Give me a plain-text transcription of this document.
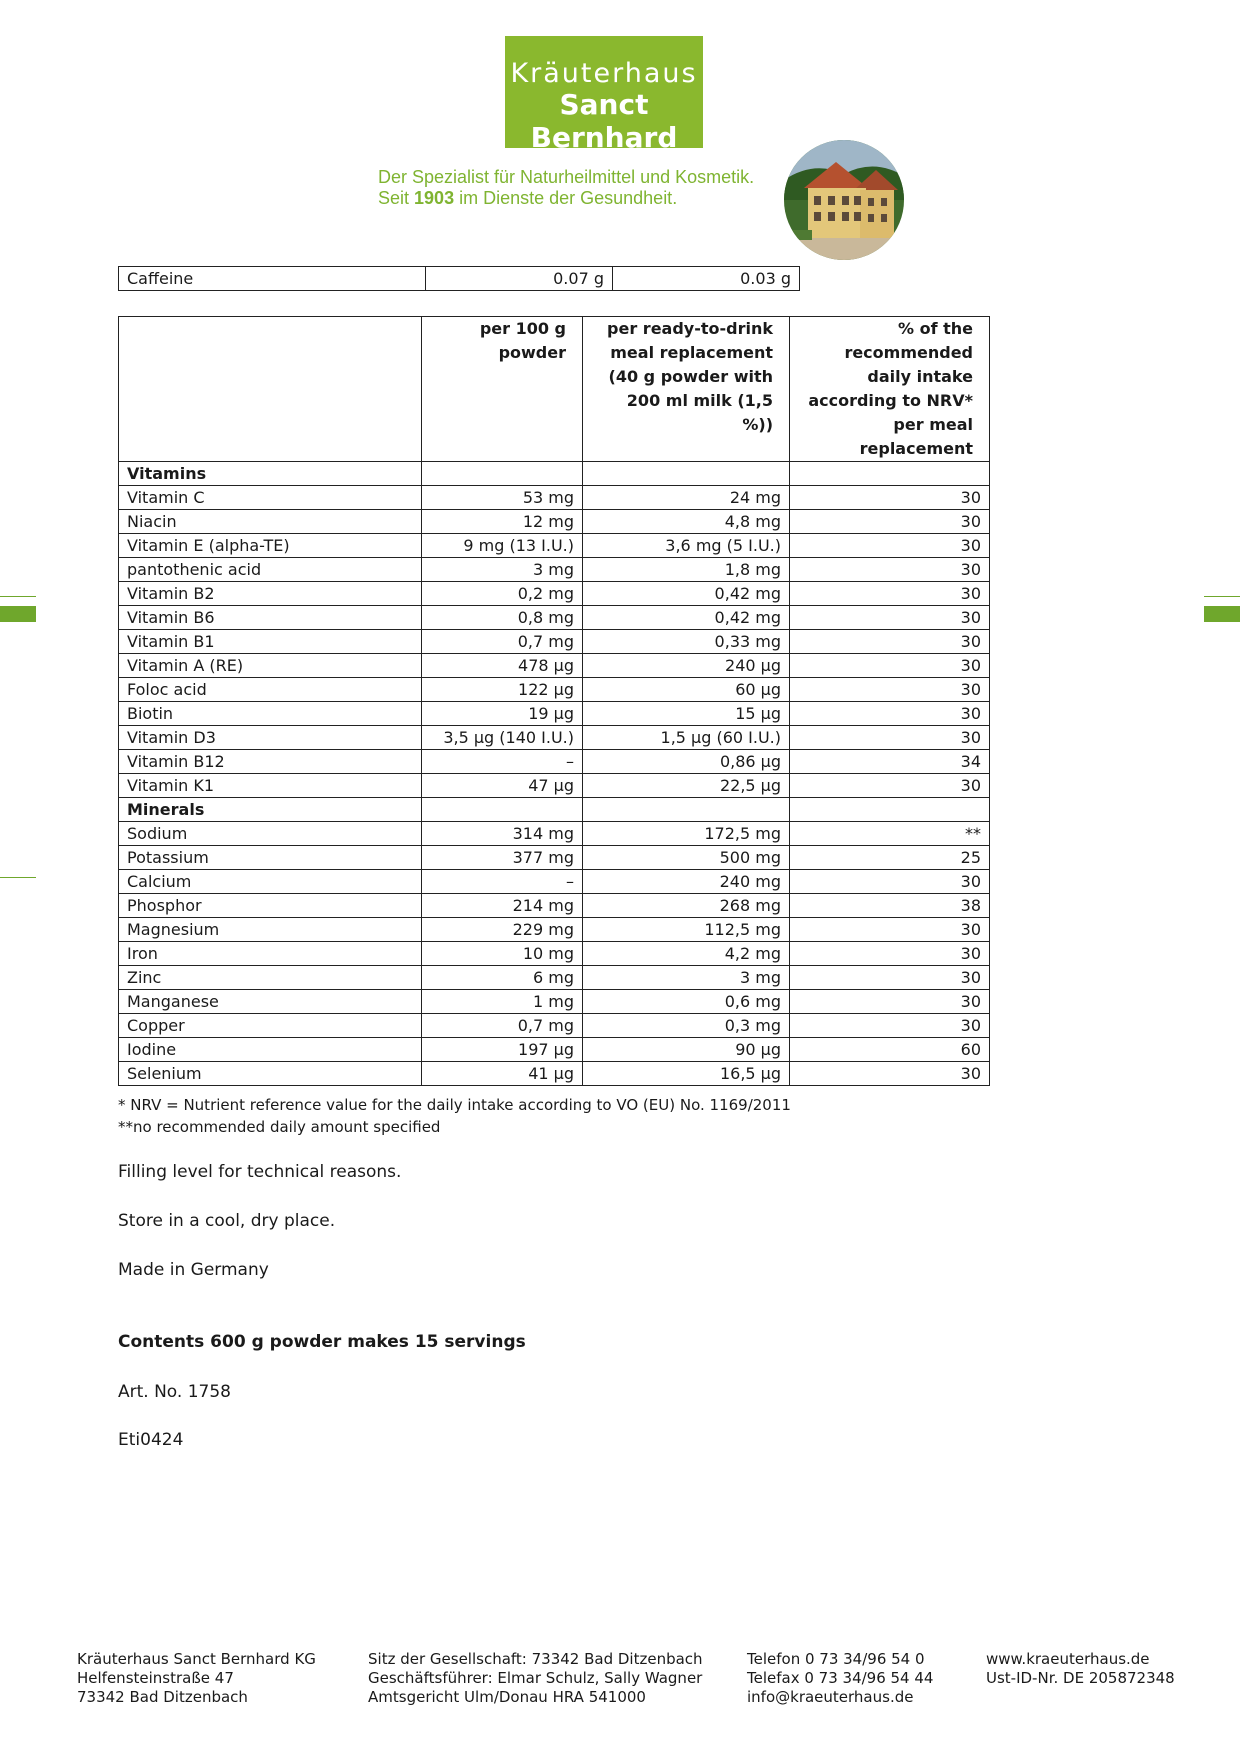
Kräuterhaus
Sanct Bernhard
Der Spezialist für Naturheilmittel und Kosmetik.
Seit 1903 im Dienste der Gesundheit.
Caffeine	0.07 g	0.03 g
	per 100 g powder	per ready-to-drink meal replacement (40 g powder with 200 ml milk (1,5 %))	% of the recommended daily intake according to NRV* per meal replacement
Vitamins			
Vitamin C	53 mg	24 mg	30
Niacin	12 mg	4,8 mg	30
Vitamin E (alpha-TE)	9 mg (13 I.U.)	3,6 mg (5 I.U.)	30
pantothenic acid	3 mg	1,8 mg	30
Vitamin B2	0,2 mg	0,42 mg	30
Vitamin B6	0,8 mg	0,42 mg	30
Vitamin B1	0,7 mg	0,33 mg	30
Vitamin A (RE)	478 µg	240 µg	30
Foloc acid	122 µg	60 µg	30
Biotin	19 µg	15 µg	30
Vitamin D3	3,5 µg (140 I.U.)	1,5 µg (60 I.U.)	30
Vitamin B12	–	0,86 µg	34
Vitamin K1	47 µg	22,5 µg	30
Minerals			
Sodium	314 mg	172,5 mg	**
Potassium	377 mg	500 mg	25
Calcium	–	240 mg	30
Phosphor	214 mg	268 mg	38
Magnesium	229 mg	112,5 mg	30
Iron	10 mg	4,2 mg	30
Zinc	6 mg	3 mg	30
Manganese	1 mg	0,6 mg	30
Copper	0,7 mg	0,3 mg	30
Iodine	197 µg	90 µg	60
Selenium	41 µg	16,5 µg	30
* NRV = Nutrient reference value for the daily intake according to VO (EU) No. 1169/2011
**no recommended daily amount specified
Filling level for technical reasons.
Store in a cool, dry place.
Made in Germany
Contents 600 g powder makes 15 servings
Art. No. 1758
Eti0424
Kräuterhaus Sanct Bernhard KG
Helfensteinstraße 47
73342 Bad Ditzenbach
Sitz der Gesellschaft: 73342 Bad Ditzenbach
Geschäftsführer: Elmar Schulz, Sally Wagner
Amtsgericht Ulm/Donau HRA 541000
Telefon 0 73 34/96 54 0
Telefax 0 73 34/96 54 44
info@kraeuterhaus.de
www.kraeuterhaus.de
Ust-ID-Nr. DE 205872348
